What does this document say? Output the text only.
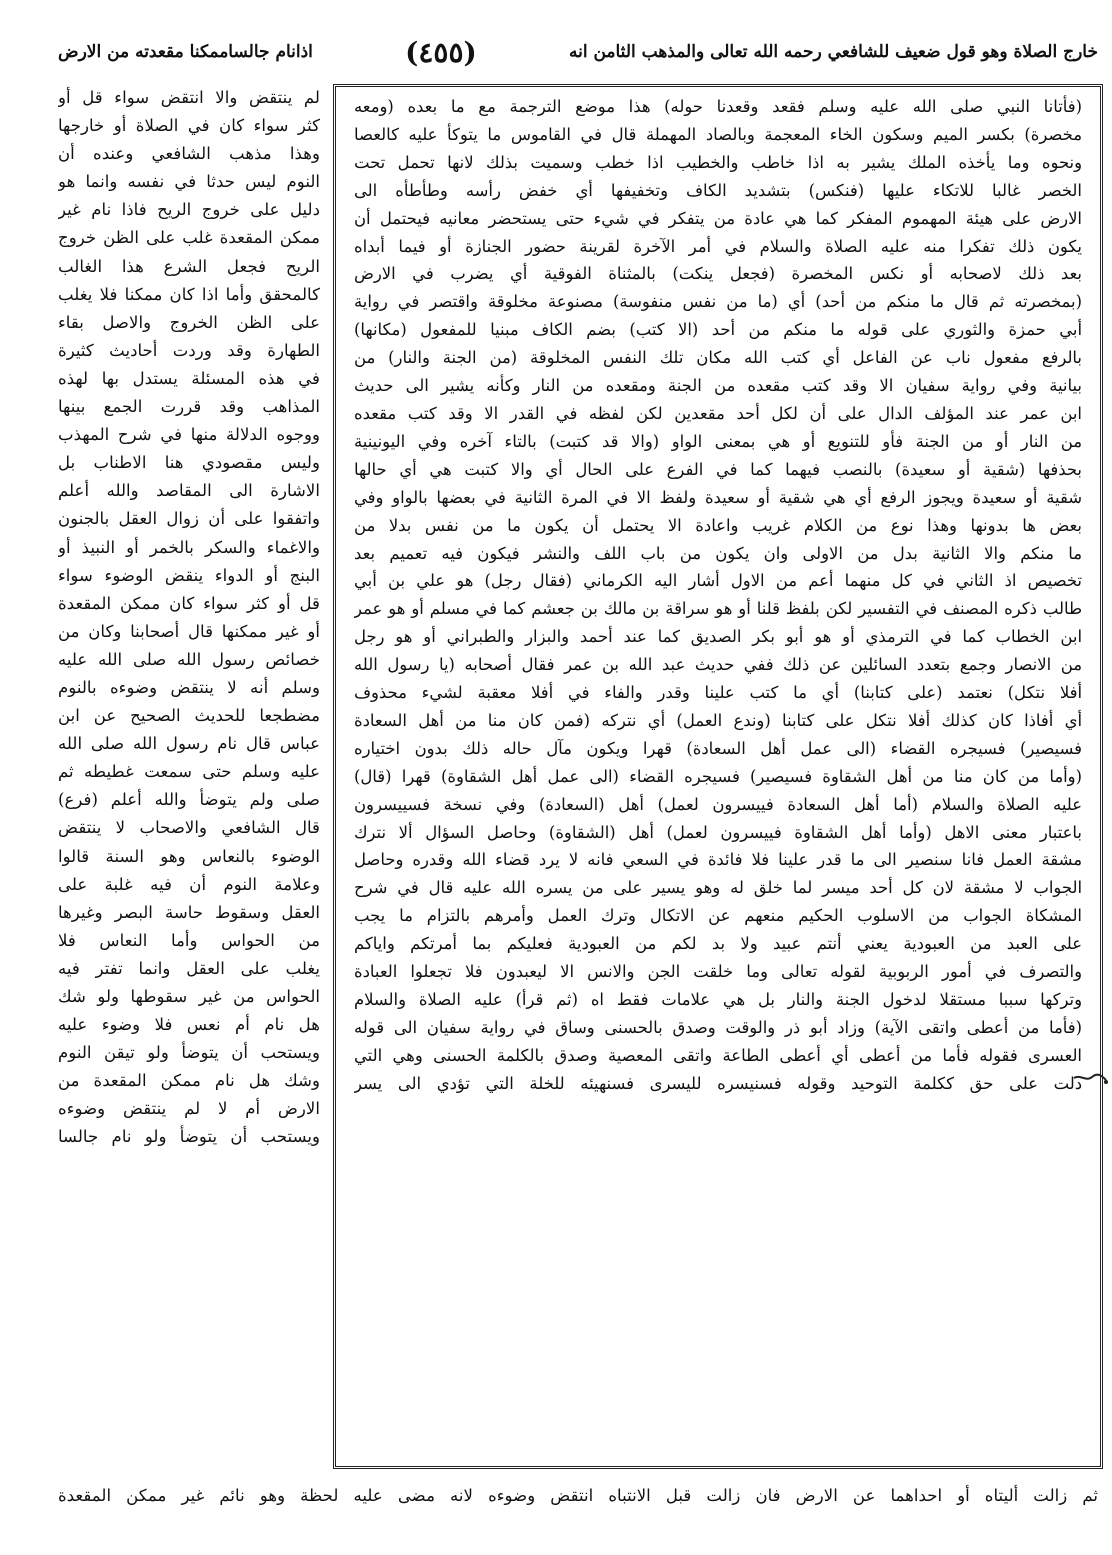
خارج الصلاة وهو قول ضعيف للشافعي رحمه الله تعالى والمذهب الثامن انه
(٤٥٥)
اذانام جالساممكنا مقعدته من الارض

(فأتانا النبي صلى الله عليه وسلم فقعد وقعدنا حوله) هذا موضع الترجمة مع ما بعده (ومعه

مخصرة) بكسر الميم وسكون الخاء المعجمة وبالصاد المهملة قال في القاموس ما يتوكأ عليه كالعصا

ونحوه وما يأخذه الملك يشير به اذا خاطب والخطيب اذا خطب وسميت بذلك لانها تحمل تحت

الخصر غالبا للاتكاء عليها (فنكس) بتشديد الكاف وتخفيفها أي خفض رأسه وطأطأه الى

الارض على هيئة المهموم المفكر كما هي عادة من يتفكر في شيء حتى يستحضر معانيه فيحتمل أن

يكون ذلك تفكرا منه عليه الصلاة والسلام في أمر الآخرة لقرينة حضور الجنازة أو فيما أبداه

بعد ذلك لاصحابه أو نكس المخصرة (فجعل ينكت) بالمثناة الفوقية أي يضرب في الارض

(بمخصرته ثم قال ما منكم من أحد) أي (ما من نفس منفوسة) مصنوعة مخلوقة واقتصر في رواية

أبي حمزة والثوري على قوله ما منكم من أحد (الا كتب) بضم الكاف مبنيا للمفعول (مكانها)

بالرفع مفعول ناب عن الفاعل أي كتب الله مكان تلك النفس المخلوقة (من الجنة والنار) من

بيانية وفي رواية سفيان الا وقد كتب مقعده من الجنة ومقعده من النار وكأنه يشير الى حديث

ابن عمر عند المؤلف الدال على أن لكل أحد مقعدين لكن لفظه في القدر الا وقد كتب مقعده

من النار أو من الجنة فأو للتنويع أو هي بمعنى الواو (والا قد كتبت) بالتاء آخره وفي اليونينية

بحذفها (شقية أو سعيدة) بالنصب فيهما كما في الفرع على الحال أي والا كتبت هي أي حالها

شقية أو سعيدة ويجوز الرفع أي هي شقية أو سعيدة ولفظ الا في المرة الثانية في بعضها بالواو وفي

بعض ها بدونها وهذا نوع من الكلام غريب واعادة الا يحتمل أن يكون ما من نفس بدلا من

ما منكم والا الثانية بدل من الاولى وان يكون من باب اللف والنشر فيكون فيه تعميم بعد

تخصيص اذ الثاني في كل منهما أعم من الاول أشار اليه الكرماني (فقال رجل) هو علي بن أبي

طالب ذكره المصنف في التفسير لكن بلفظ قلنا أو هو سراقة بن مالك بن جعشم كما في مسلم أو هو عمر

ابن الخطاب كما في الترمذي أو هو أبو بكر الصديق كما عند أحمد والبزار والطبراني أو هو رجل

من الانصار وجمع بتعدد السائلين عن ذلك ففي حديث عبد الله بن عمر فقال أصحابه (يا رسول الله

أفلا نتكل) نعتمد (على كتابنا) أي ما كتب علينا وقدر والفاء في أفلا معقبة لشيء محذوف

أي أفاذا كان كذلك أفلا نتكل على كتابنا (وندع العمل) أي نتركه (فمن كان منا من أهل السعادة

فسيصير) فسيجره القضاء (الى عمل أهل السعادة) قهرا ويكون مآل حاله ذلك بدون اختياره

(وأما من كان منا من أهل الشقاوة فسيصير) فسيجره القضاء (الى عمل أهل الشقاوة) قهرا (قال)

عليه الصلاة والسلام (أما أهل السعادة فييسرون لعمل) أهل (السعادة) وفي نسخة فسييسرون

باعتبار معنى الاهل (وأما أهل الشقاوة فييسرون لعمل) أهل (الشقاوة) وحاصل السؤال ألا نترك

مشقة العمل فانا سنصير الى ما قدر علينا فلا فائدة في السعي فانه لا يرد قضاء الله وقدره وحاصل

الجواب لا مشقة لان كل أحد ميسر لما خلق له وهو يسير على من يسره الله عليه قال في شرح

المشكاة الجواب من الاسلوب الحكيم منعهم عن الاتكال وترك العمل وأمرهم بالتزام ما يجب

على العبد من العبودية يعني أنتم عبيد ولا بد لكم من العبودية فعليكم بما أمرتكم واياكم

والتصرف في أمور الربوبية لقوله تعالى وما خلقت الجن والانس الا ليعبدون فلا تجعلوا العبادة

وتركها سببا مستقلا لدخول الجنة والنار بل هي علامات فقط اه (ثم قرأ) عليه الصلاة والسلام

(فأما من أعطى واتقى الآية) وزاد أبو ذر والوقت وصدق بالحسنى وساق في رواية سفيان الى قوله

العسرى فقوله فأما من أعطى أي أعطى الطاعة واتقى المعصية وصدق بالكلمة الحسنى وهي التي

دلت على حق ككلمة التوحيد وقوله فسنيسره لليسرى فسنهيئه للخلة التي تؤدي الى يسر

لم ينتقض والا انتقض سواء قل أو

كثر سواء كان في الصلاة أو خارجها

وهذا مذهب الشافعي وعنده أن

النوم ليس حدثا في نفسه وانما هو

دليل على خروج الريح فاذا نام غير

ممكن المقعدة غلب على الظن خروج

الريح فجعل الشرع هذا الغالب

كالمحقق وأما اذا كان ممكنا فلا يغلب

على الظن الخروج والاصل بقاء

الطهارة وقد وردت أحاديث كثيرة

في هذه المسئلة يستدل بها لهذه

المذاهب وقد قررت الجمع بينها

ووجوه الدلالة منها في شرح المهذب

وليس مقصودي هنا الاطناب بل

الاشارة الى المقاصد والله أعلم

واتفقوا على أن زوال العقل بالجنون

والاغماء والسكر بالخمر أو النبيذ أو

البنج أو الدواء ينقض الوضوء سواء

قل أو كثر سواء كان ممكن المقعدة

أو غير ممكنها قال أصحابنا وكان من

خصائص رسول الله صلى الله عليه

وسلم أنه لا ينتقض وضوءه بالنوم

مضطجعا للحديث الصحيح عن ابن

عباس قال نام رسول الله صلى الله

عليه وسلم حتى سمعت غطيطه ثم

صلى ولم يتوضأ والله أعلم (فرع)

قال الشافعي والاصحاب لا ينتقض

الوضوء بالنعاس وهو السنة قالوا

وعلامة النوم أن فيه غلبة على

العقل وسقوط حاسة البصر وغيرها

من الحواس وأما النعاس فلا

يغلب على العقل وانما تفتر فيه

الحواس من غير سقوطها ولو شك

هل نام أم نعس فلا وضوء عليه

ويستحب أن يتوضأ ولو تيقن النوم

وشك هل نام ممكن المقعدة من

الارض أم لا لم ينتقض وضوءه

ويستحب أن يتوضأ ولو نام جالسا

ثم زالت أليتاه أو احداهما عن الارض فان زالت قبل الانتباه انتقض وضوءه لانه مضى عليه لحظة وهو نائم غير ممكن المقعدة
